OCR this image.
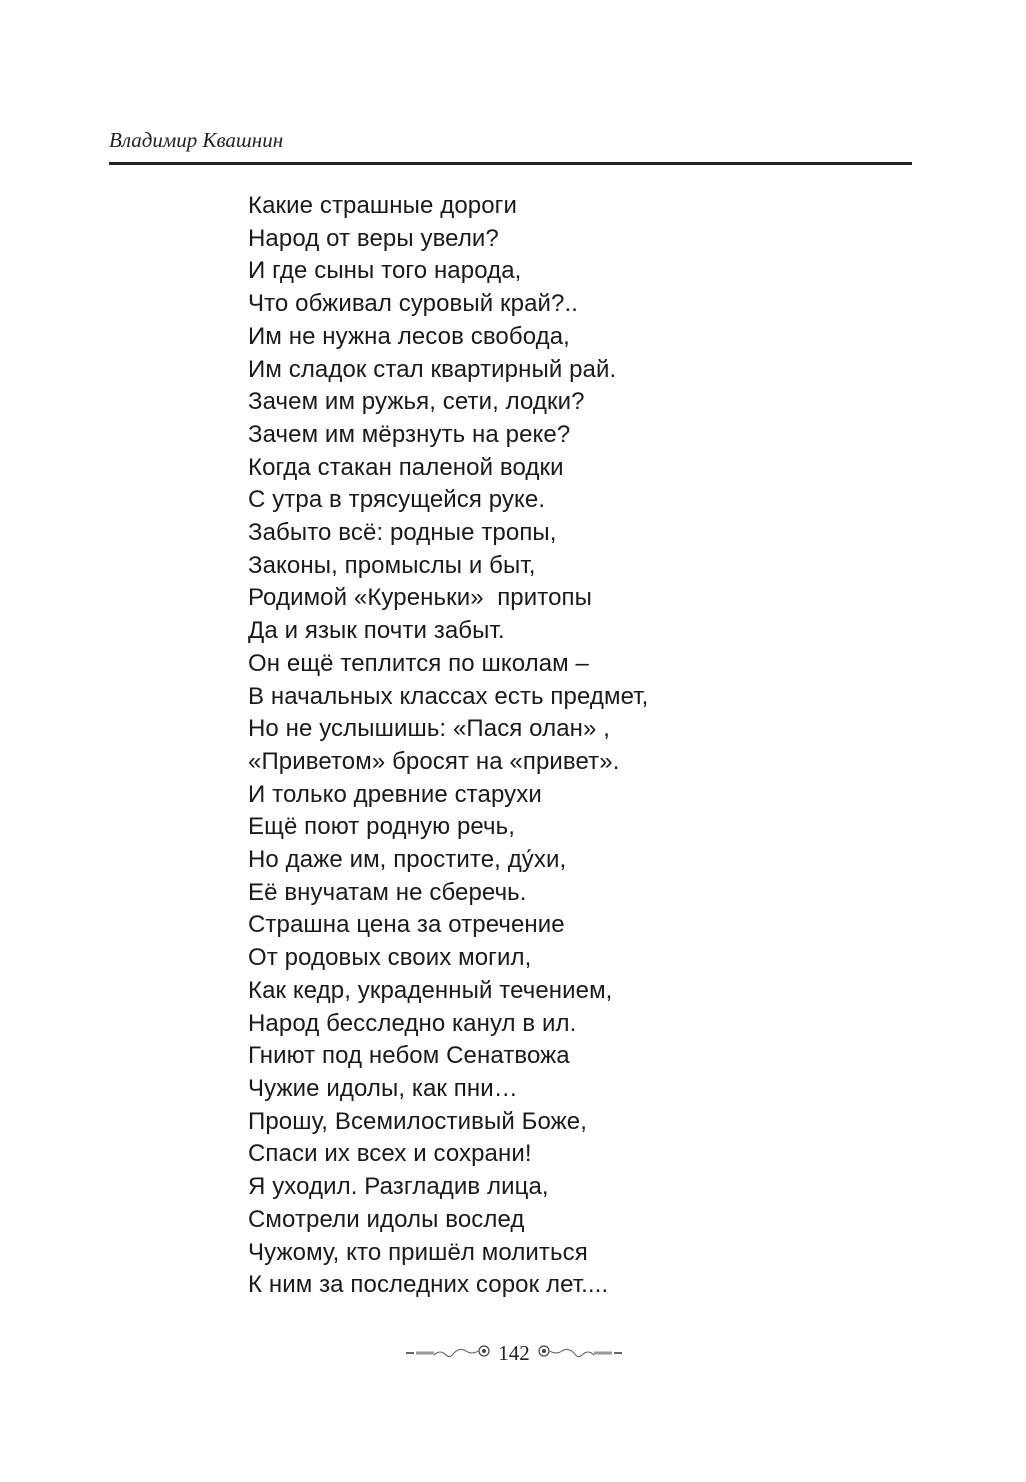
Владимир Квашнин
Какие страшные дороги
Народ от веры увели?
И где сыны того народа,
Что обживал суровый край?..
Им не нужна лесов свобода,
Им сладок стал квартирный рай.
Зачем им ружья, сети, лодки?
Зачем им мёрзнуть на реке?
Когда стакан паленой водки
С утра в трясущейся руке.
Забыто всё: родные тропы,
Законы, промыслы и быт,
Родимой «Куреньки»  притопы
Да и язык почти забыт.
Он ещё теплится по школам –
В начальных классах есть предмет,
Но не услышишь: «Пася олан» ,
«Приветом» бросят на «привет».
И только древние старухи
Ещё поют родную речь,
Но даже им, простите, ду́хи,
Её внучатам не сберечь.
Страшна цена за отречение
От родовых своих могил,
Как кедр, украденный течением,
Народ бесследно канул в ил.
Гниют под небом Сенатвожа
Чужие идолы, как пни…
Прошу, Всемилостивый Боже,
Спаси их всех и сохрани!
Я уходил. Разгладив лица,
Смотрели идолы вослед
Чужому, кто пришёл молиться
К ним за последних сорок лет....
142
